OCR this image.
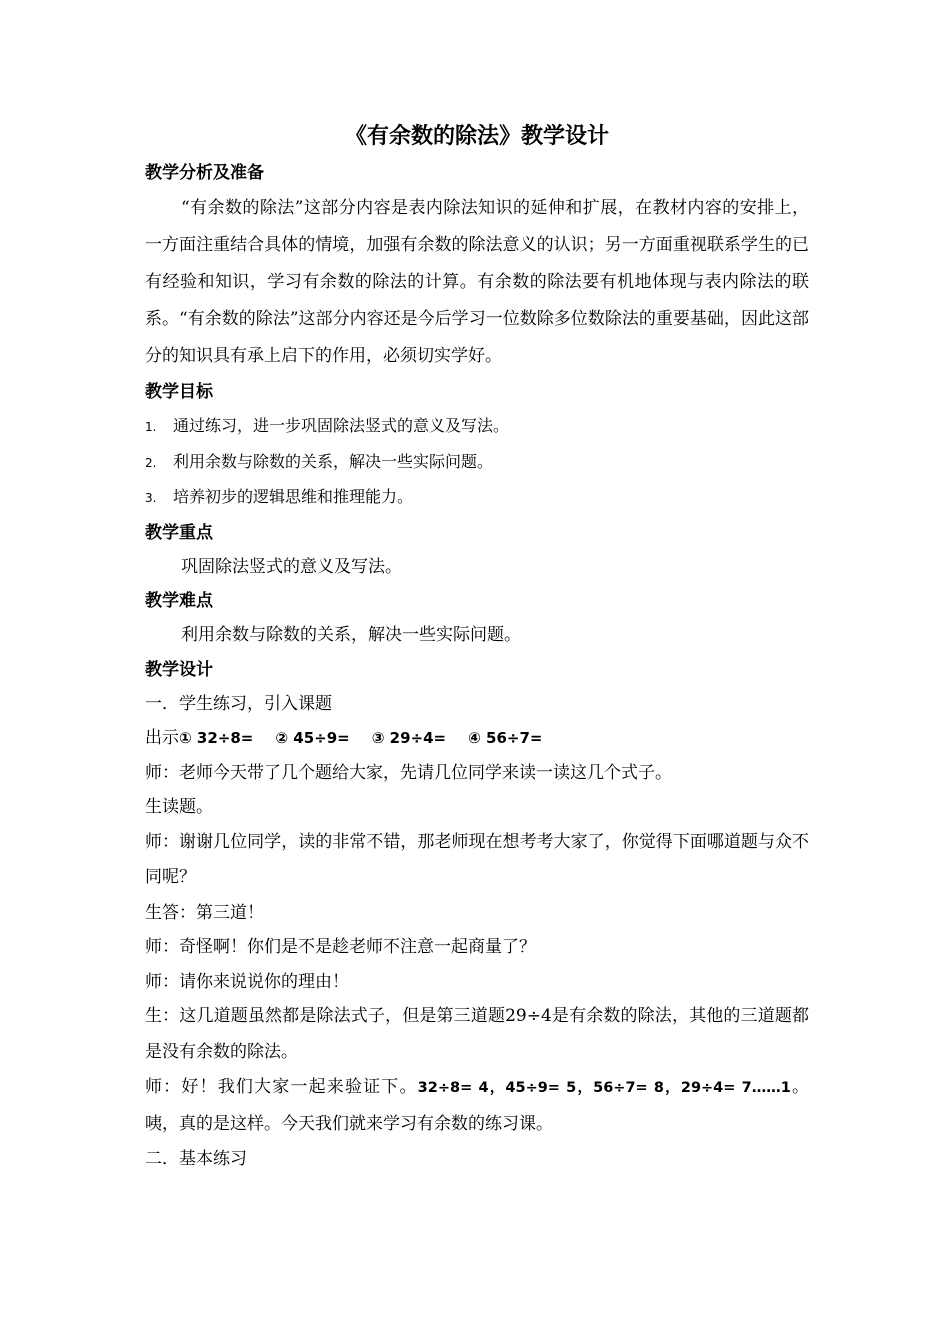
《有余数的除法》教学设计
教学分析及准备

“有余数的除法”这部分内容是表内除法知识的延伸和扩展，在教材内容的安排上，一方面注重结合具体的情境，加强有余数的除法意义的认识；另一方面重视联系学生的已有经验和知识，学习有余数的除法的计算。有余数的除法要有机地体现与表内除法的联系。“有余数的除法”这部分内容还是今后学习一位数除多位数除法的重要基础，因此这部分的知识具有承上启下的作用，必须切实学好。

教学目标
1.	通过练习，进一步巩固除法竖式的意义及写法。
2.	利用余数与除数的关系，解决一些实际问题。
3.	培养初步的逻辑思维和推理能力。
教学重点

巩固除法竖式的意义及写法。

教学难点

利用余数与除数的关系，解决一些实际问题。

教学设计

一．学生练习，引入课题

出示① 32÷8= ② 45÷9= ③ 29÷4= ④ 56÷7=

师：老师今天带了几个题给大家，先请几位同学来读一读这几个式子。

生读题。

师：谢谢几位同学，读的非常不错，那老师现在想考考大家了，你觉得下面哪道题与众不同呢？

生答：第三道！

师：奇怪啊！你们是不是趁老师不注意一起商量了？

师：请你来说说你的理由！

生：这几道题虽然都是除法式子，但是第三道题29÷4是有余数的除法，其他的三道题都是没有余数的除法。

师：好！我们大家一起来验证下。32÷8= 4，45÷9= 5，56÷7= 8，29÷4= 7……1。咦，真的是这样。今天我们就来学习有余数的练习课。

二．基本练习
